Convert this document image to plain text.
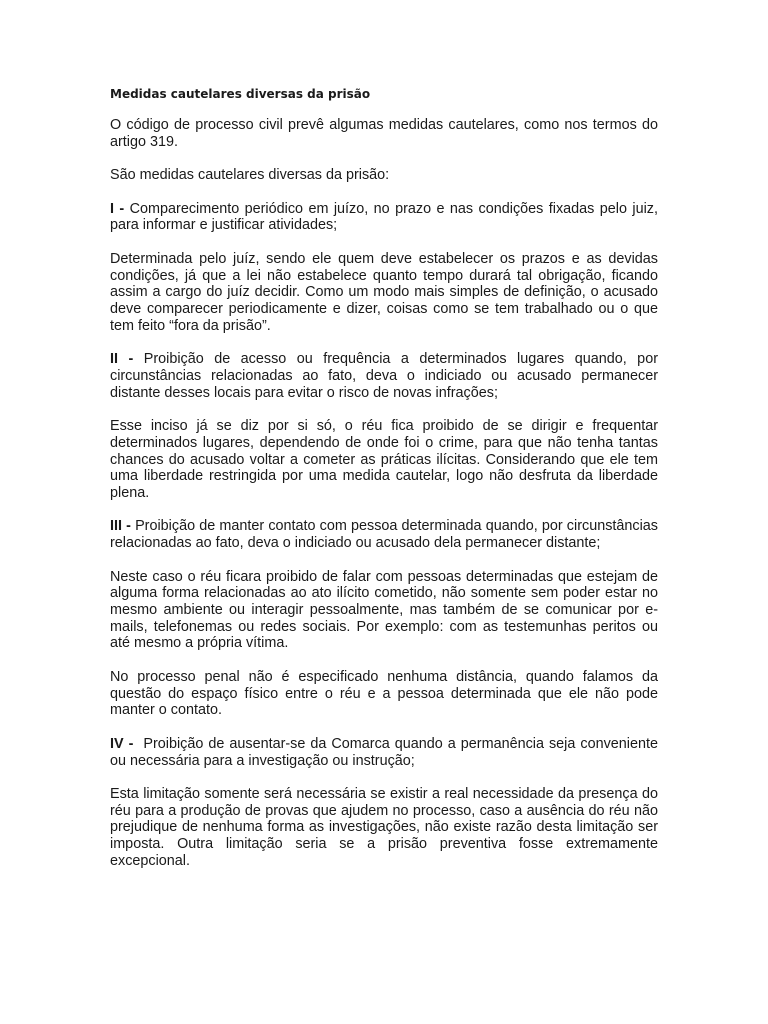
Medidas cautelares diversas da prisão

O código de processo civil prevê algumas medidas cautelares, como nos termos do artigo 319.

São medidas cautelares diversas da prisão:

I - Comparecimento periódico em juízo, no prazo e nas condições fixadas pelo juiz, para informar e justificar atividades;

Determinada pelo juíz, sendo ele quem deve estabelecer os prazos e as devidas condições, já que a lei não estabelece quanto tempo durará tal obrigação, ficando assim a cargo do juíz decidir. Como um modo mais simples de definição, o acusado deve comparecer periodicamente e dizer, coisas como se tem trabalhado ou o que tem feito “fora da prisão”.

II - Proibição de acesso ou frequência a determinados lugares quando, por circunstâncias relacionadas ao fato, deva o indiciado ou acusado permanecer distante desses locais para evitar o risco de novas infrações;

Esse inciso já se diz por si só, o réu fica proibido de se dirigir e frequentar determinados lugares, dependendo de onde foi o crime, para que não tenha tantas chances do acusado voltar a cometer as práticas ilícitas. Considerando que ele tem uma liberdade restringida por uma medida cautelar, logo não desfruta da liberdade plena.

III - Proibição de manter contato com pessoa determinada quando, por circunstâncias relacionadas ao fato, deva o indiciado ou acusado dela permanecer distante;

Neste caso o réu ficara proibido de falar com pessoas determinadas que estejam de alguma forma relacionadas ao ato ilícito cometido, não somente sem poder estar no mesmo ambiente ou interagir pessoalmente, mas também de se comunicar por e-mails, telefonemas ou redes sociais. Por exemplo: com as testemunhas peritos ou até mesmo a própria vítima.

No processo penal não é especificado nenhuma distância, quando falamos da questão do espaço físico entre o réu e a pessoa determinada que ele não pode manter o contato.

IV -  Proibição de ausentar-se da Comarca quando a permanência seja conveniente ou necessária para a investigação ou instrução;

Esta limitação somente será necessária se existir a real necessidade da presença do réu para a produção de provas que ajudem no processo, caso a ausência do réu não prejudique de nenhuma forma as investigações, não existe razão desta limitação ser imposta. Outra limitação seria se a prisão preventiva fosse extremamente excepcional.
